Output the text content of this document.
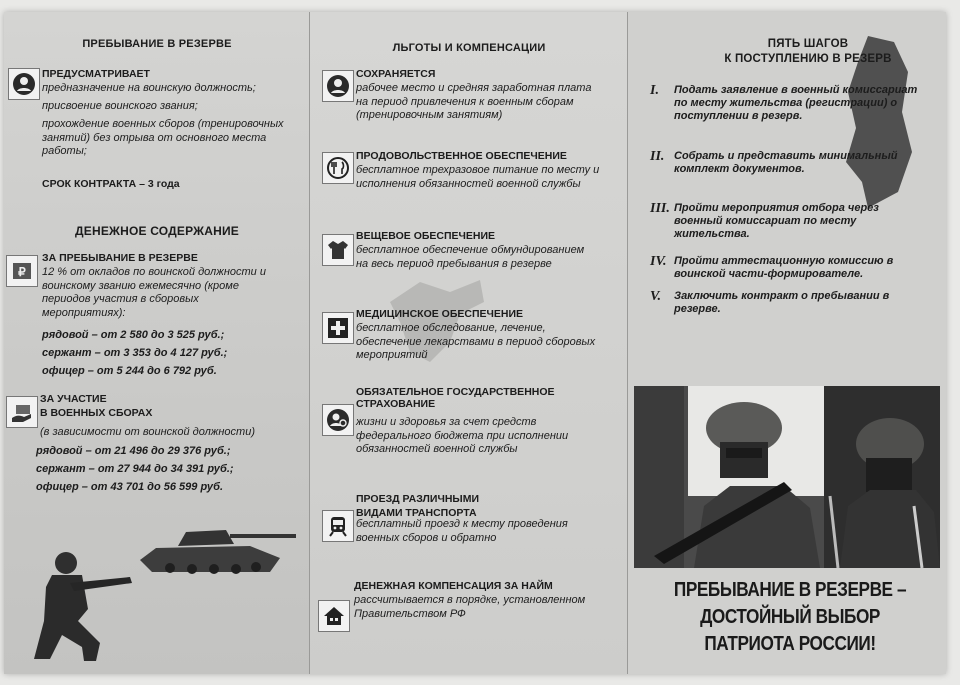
ПРЕБЫВАНИЕ В РЕЗЕРВЕ
ПРЕДУСМАТРИВАЕТ
предназначение на воинскую должность;
присвоение воинского звания;
прохождение военных сборов (тренировочных занятий) без отрыва от основного места работы;
СРОК КОНТРАКТА – 3 года
ДЕНЕЖНОЕ СОДЕРЖАНИЕ
₽
ЗА ПРЕБЫВАНИЕ В РЕЗЕРВЕ
12 % от окладов по воинской должности и воинскому званию ежемесячно (кроме периодов участия в сборовых мероприятиях):
рядовой – от 2 580 до 3 525 руб.;
сержант – от 3 353 до 4 127 руб.;
офицер – от 5 244 до 6 792 руб.
ЗА УЧАСТИЕ
В ВОЕННЫХ СБОРАХ
(в зависимости от воинской должности)
рядовой – от 21 496 до 29 376 руб.;
сержант – от 27 944 до 34 391 руб.;
офицер – от 43 701 до 56 599 руб.
ЛЬГОТЫ И КОМПЕНСАЦИИ
СОХРАНЯЕТСЯ
рабочее место и средняя заработная плата на период привлечения к военным сборам (тренировочным занятиям)
ПРОДОВОЛЬСТВЕННОЕ ОБЕСПЕЧЕНИЕ
бесплатное трехразовое питание по месту и исполнения обязанностей военной службы
ВЕЩЕВОЕ ОБЕСПЕЧЕНИЕ
бесплатное обеспечение обмундированием на весь период пребывания в резерве
МЕДИЦИНСКОЕ ОБЕСПЕЧЕНИЕ
бесплатное обследование, лечение, обеспечение лекарствами в период сборовых мероприятий
ОБЯЗАТЕЛЬНОЕ ГОСУДАРСТВЕННОЕ СТРАХОВАНИЕ
жизни и здоровья за счет средств федерального бюджета при исполнении обязанностей военной службы
ПРОЕЗД РАЗЛИЧНЫМИ ВИДАМИ ТРАНСПОРТА
бесплатный проезд к месту проведения военных сборов и обратно
ДЕНЕЖНАЯ КОМПЕНСАЦИЯ ЗА НАЙМ
рассчитывается в порядке, установленном Правительством РФ
ПЯТЬ ШАГОВ
К ПОСТУПЛЕНИЮ В РЕЗЕРВ
I.	Подать заявление в военный комиссариат по месту жительства (регистрации) о поступлении в резерв.
II. Собрать и представить минимальный комплект документов.
III. Пройти мероприятия отбора через военный комиссариат по месту жительства.
IV. Пройти аттестационную комиссию в воинской части-формирователе.
V.	Заключить контракт о пребывании в резерве.
ПРЕБЫВАНИЕ В РЕЗЕРВЕ –
ДОСТОЙНЫЙ ВЫБОР
ПАТРИОТА РОССИИ!
